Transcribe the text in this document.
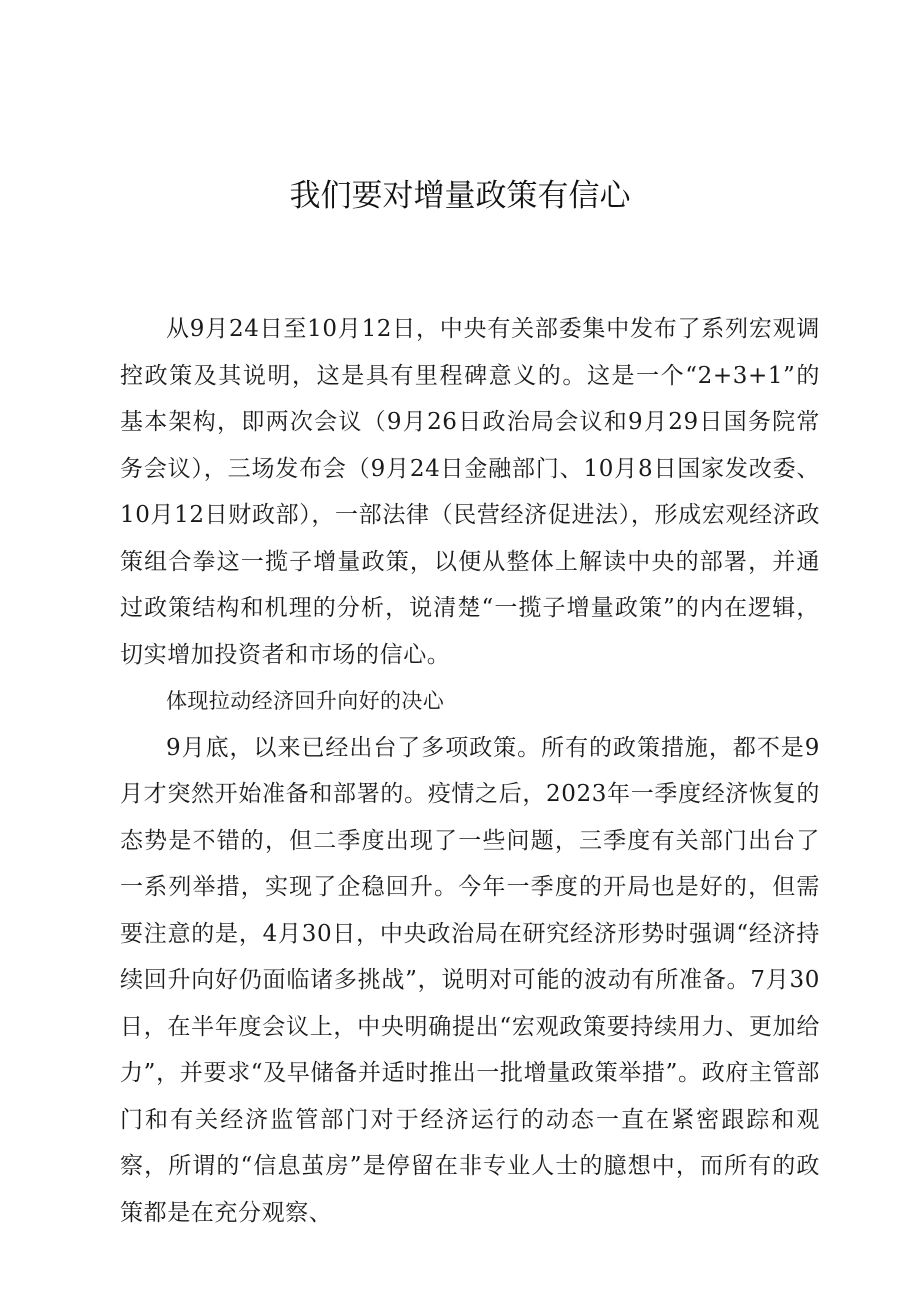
我们要对增量政策有信心

从9月24日至10月12日，中央有关部委集中发布了系列宏观调控政策及其说明，这是具有里程碑意义的。这是一个“2+3+1”的基本架构，即两次会议（9月26日政治局会议和9月29日国务院常务会议），三场发布会（9月24日金融部门、10月8日国家发改委、10月12日财政部），一部法律（民营经济促进法），形成宏观经济政策组合拳这一揽子增量政策，以便从整体上解读中央的部署，并通过政策结构和机理的分析，说清楚“一揽子增量政策”的内在逻辑，切实增加投资者和市场的信心。

体现拉动经济回升向好的决心

9月底，以来已经出台了多项政策。所有的政策措施，都不是9月才突然开始准备和部署的。疫情之后，2023年一季度经济恢复的态势是不错的，但二季度出现了一些问题，三季度有关部门出台了一系列举措，实现了企稳回升。今年一季度的开局也是好的，但需要注意的是，4月30日，中央政治局在研究经济形势时强调“经济持续回升向好仍面临诸多挑战”，说明对可能的波动有所准备。7月30日，在半年度会议上，中央明确提出“宏观政策要持续用力、更加给力”，并要求“及早储备并适时推出一批增量政策举措”。政府主管部门和有关经济监管部门对于经济运行的动态一直在紧密跟踪和观察，所谓的“信息茧房”是停留在非专业人士的臆想中，而所有的政策都是在充分观察、
